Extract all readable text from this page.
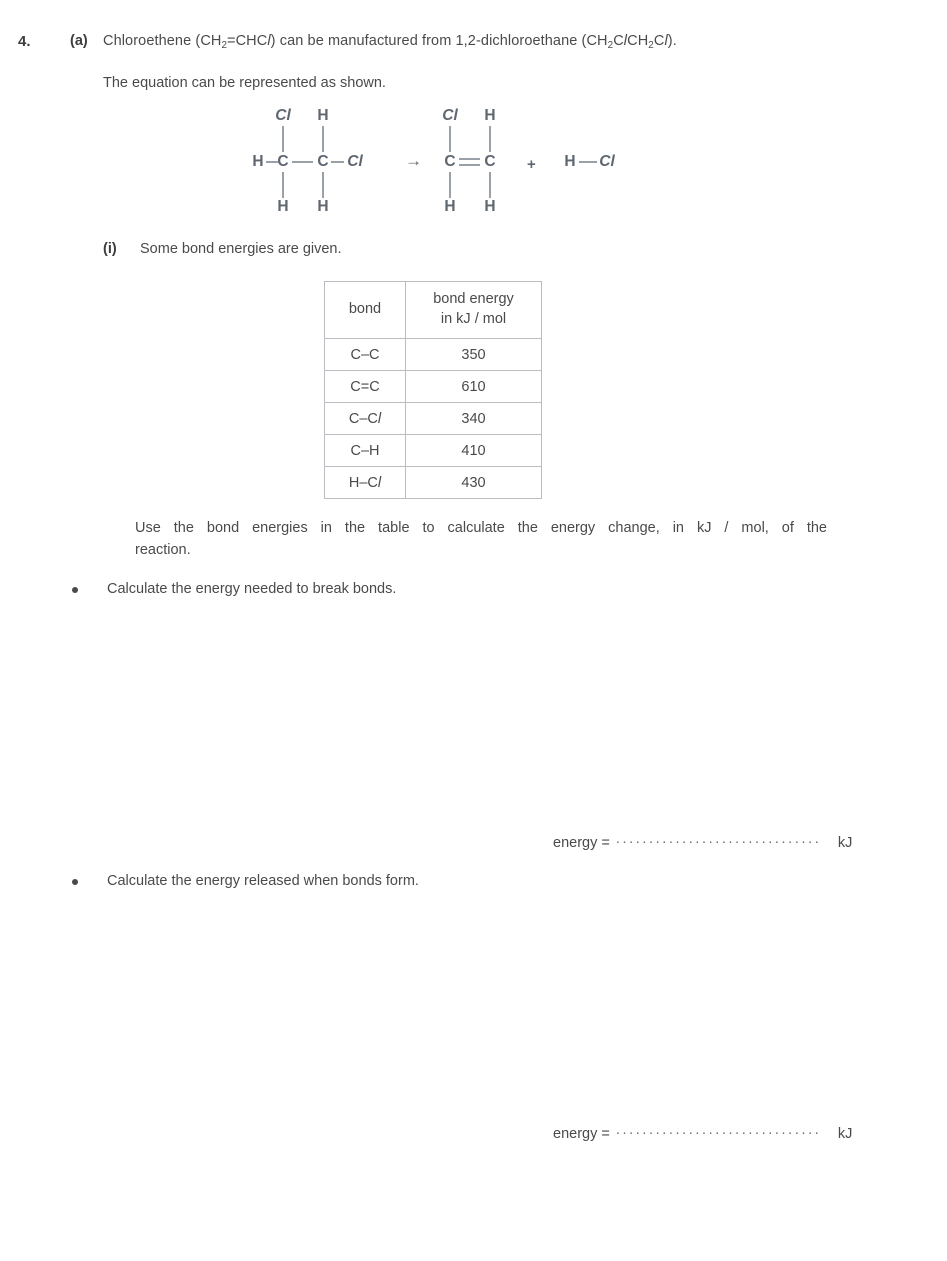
4.	(a) Chloroethene $(CH_2=CHCl)$ can be manufactured from 1,2-dichloroethane $(CH_2ClCH_2Cl)$.
The equation can be represented as shown.
Cl	H
H C C	Cl
H H
→
Cl	H
C C
H H
+ H	Cl
(i) Some bond energies are given.
bond	bond energy
in kJ / mol
C–C	350
C=C	610
C–Cl	340
C–H	410
H–Cl	430
Use the bond energies in the table to calculate the energy change, in kJ / mol, of the
reaction.
Calculate the energy needed to break bonds.
energy = ............................... kJ
Calculate the energy released when bonds form.
energy = ............................... kJ
